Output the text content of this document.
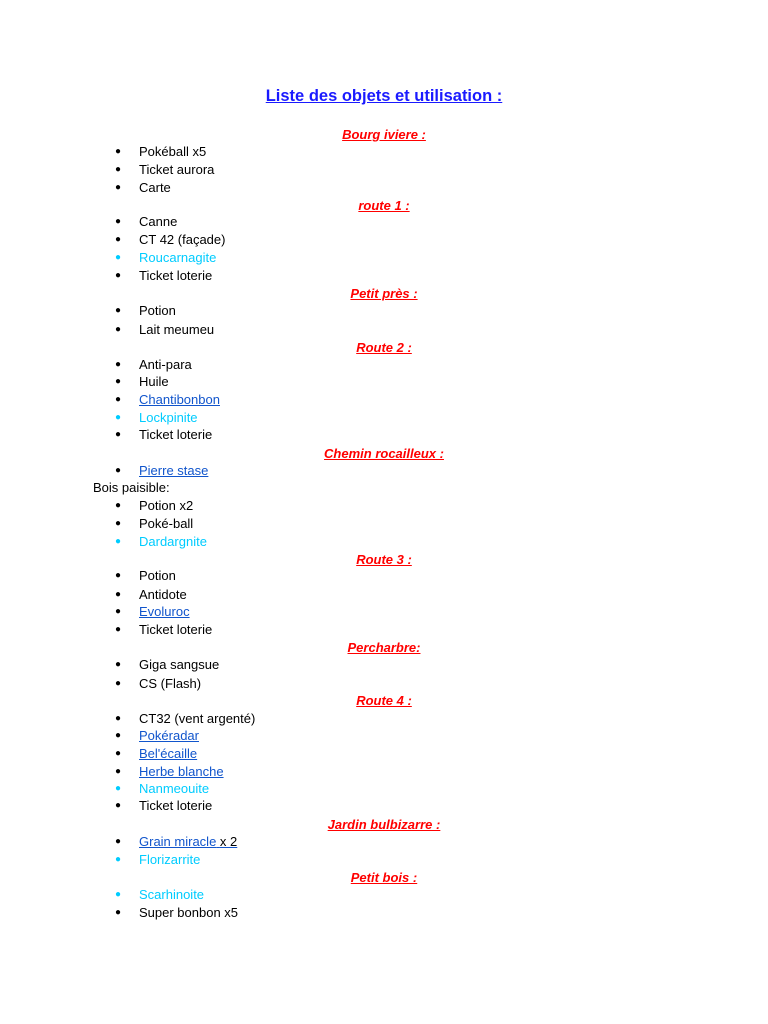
Liste des objets et utilisation :

Bourg iviere :

● Pokéball x5
● Ticket aurora
● Carte

route 1 :

● Canne
● CT 42 (façade)
● Roucarnagite
● Ticket loterie

Petit près :

● Potion
● Lait meumeu

Route 2 :

● Anti-para
● Huile
● Chantibonbon
● Lockpinite
● Ticket loterie

Chemin rocailleux :

● Pierre stase

Bois paisible:

● Potion x2
● Poké-ball
● Dardargnite

Route 3 :

● Potion
● Antidote
● Evoluroc
● Ticket loterie

Percharbre:

● Giga sangsue
● CS (Flash)

Route 4 :

● CT32 (vent argenté)
● Pokéradar
● Bel'écaille
● Herbe blanche
● Nanmeouite
● Ticket loterie

Jardin bulbizarre :

● Grain miracle x 2
● Florizarrite

Petit bois :

● Scarhinoite
● Super bonbon x5
